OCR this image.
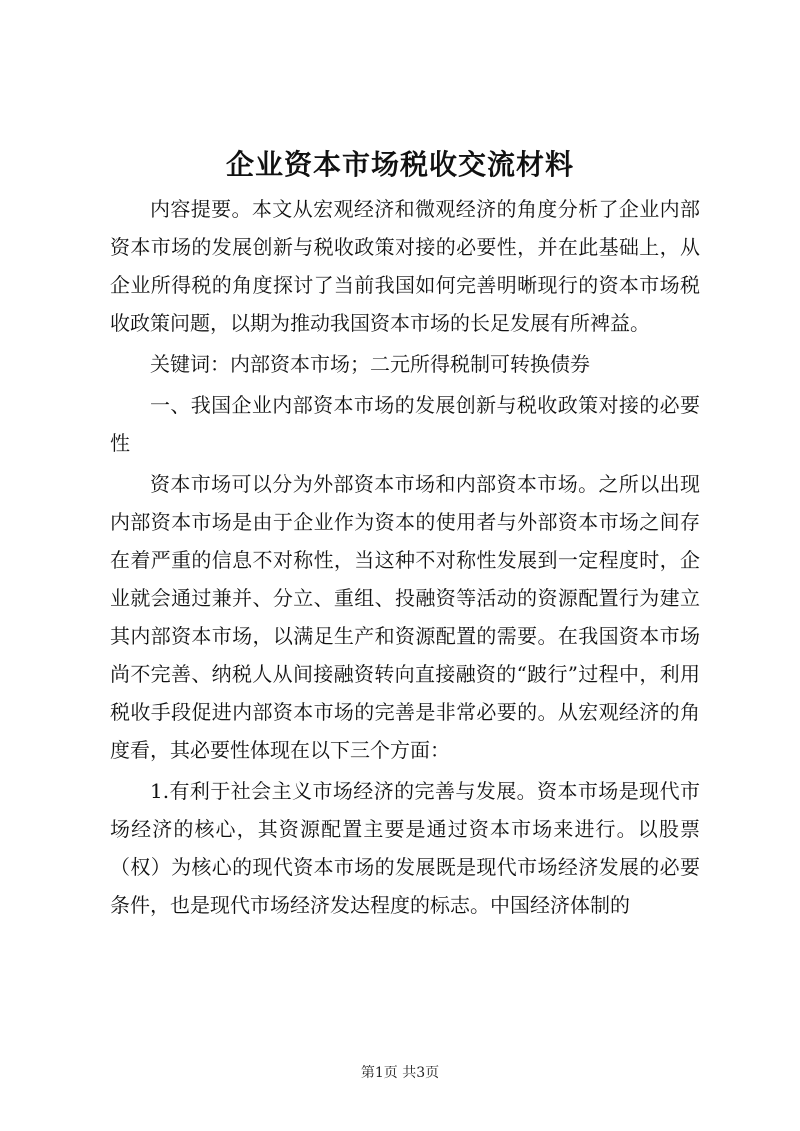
企业资本市场税收交流材料

内容提要。本文从宏观经济和微观经济的角度分析了企业内部资本市场的发展创新与税收政策对接的必要性，并在此基础上，从企业所得税的角度探讨了当前我国如何完善明晰现行的资本市场税收政策问题，以期为推动我国资本市场的长足发展有所裨益。

关键词：内部资本市场；二元所得税制可转换债券

一、我国企业内部资本市场的发展创新与税收政策对接的必要性

资本市场可以分为外部资本市场和内部资本市场。之所以出现内部资本市场是由于企业作为资本的使用者与外部资本市场之间存在着严重的信息不对称性，当这种不对称性发展到一定程度时，企业就会通过兼并、分立、重组、投融资等活动的资源配置行为建立其内部资本市场，以满足生产和资源配置的需要。在我国资本市场尚不完善、纳税人从间接融资转向直接融资的“跛行”过程中，利用税收手段促进内部资本市场的完善是非常必要的。从宏观经济的角度看，其必要性体现在以下三个方面：

1.有利于社会主义市场经济的完善与发展。资本市场是现代市场经济的核心，其资源配置主要是通过资本市场来进行。以股票（权）为核心的现代资本市场的发展既是现代市场经济发展的必要条件，也是现代市场经济发达程度的标志。中国经济体制的

第1页 共3页
